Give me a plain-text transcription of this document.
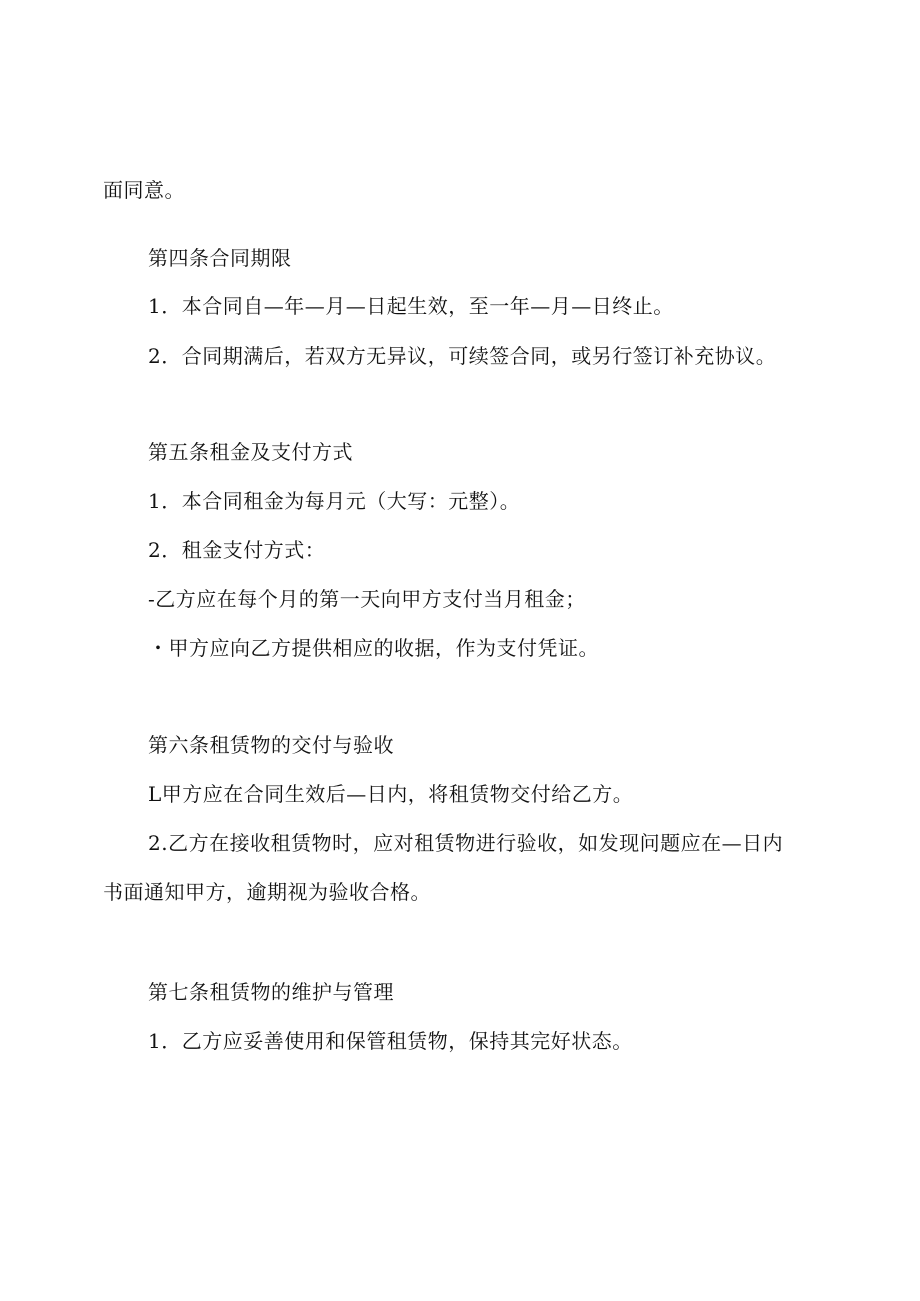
面同意。
第四条合同期限
1．本合同自—年—月—日起生效，至一年—月—日终止。
2．合同期满后，若双方无异议，可续签合同，或另行签订补充协议。
第五条租金及支付方式
1．本合同租金为每月元（大写：元整）。
2．租金支付方式：
-乙方应在每个月的第一天向甲方支付当月租金；
・甲方应向乙方提供相应的收据，作为支付凭证。
第六条租赁物的交付与验收
L甲方应在合同生效后—日内，将租赁物交付给乙方。
2.乙方在接收租赁物时，应对租赁物进行验收，如发现问题应在—日内
书面通知甲方，逾期视为验收合格。
第七条租赁物的维护与管理
1．乙方应妥善使用和保管租赁物，保持其完好状态。
